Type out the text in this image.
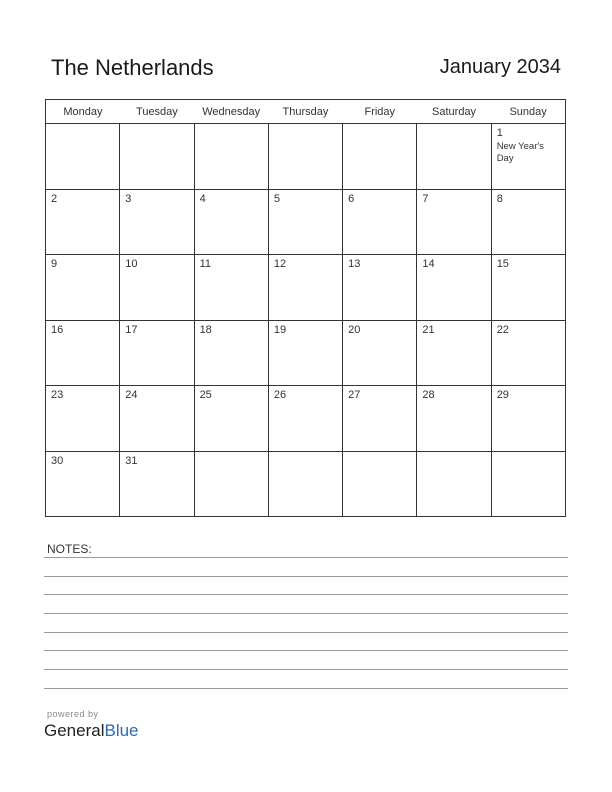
The Netherlands	January 2034
Monday	Tuesday	Wednesday	Thursday	Friday	Saturday	Sunday

						1
New Year's Day

2	3	4	5	6	7	8

9	10	11	12	13	14	15

16	17	18	19	20	21	22

23	24	25	26	27	28	29

30	31					

NOTES:
powered by
GeneralBlue
